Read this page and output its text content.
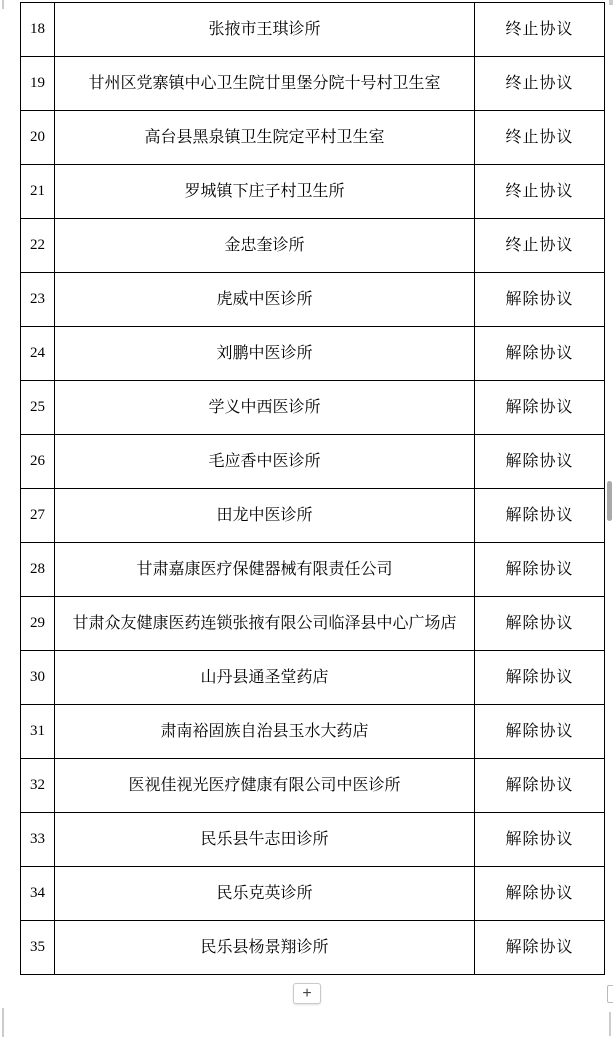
18	张掖市王琪诊所	终止协议
19	甘州区党寨镇中心卫生院廿里堡分院十号村卫生室	终止协议
20	高台县黑泉镇卫生院定平村卫生室	终止协议
21	罗城镇下庄子村卫生所	终止协议
22	金忠奎诊所	终止协议
23	虎威中医诊所	解除协议
24	刘鹏中医诊所	解除协议
25	学义中西医诊所	解除协议
26	毛应香中医诊所	解除协议
27	田龙中医诊所	解除协议
28	甘肃嘉康医疗保健器械有限责任公司	解除协议
29	甘肃众友健康医药连锁张掖有限公司临泽县中心广场店	解除协议
30	山丹县通圣堂药店	解除协议
31	肃南裕固族自治县玉水大药店	解除协议
32	医视佳视光医疗健康有限公司中医诊所	解除协议
33	民乐县牛志田诊所	解除协议
34	民乐克英诊所	解除协议
35	民乐县杨景翔诊所	解除协议
+
